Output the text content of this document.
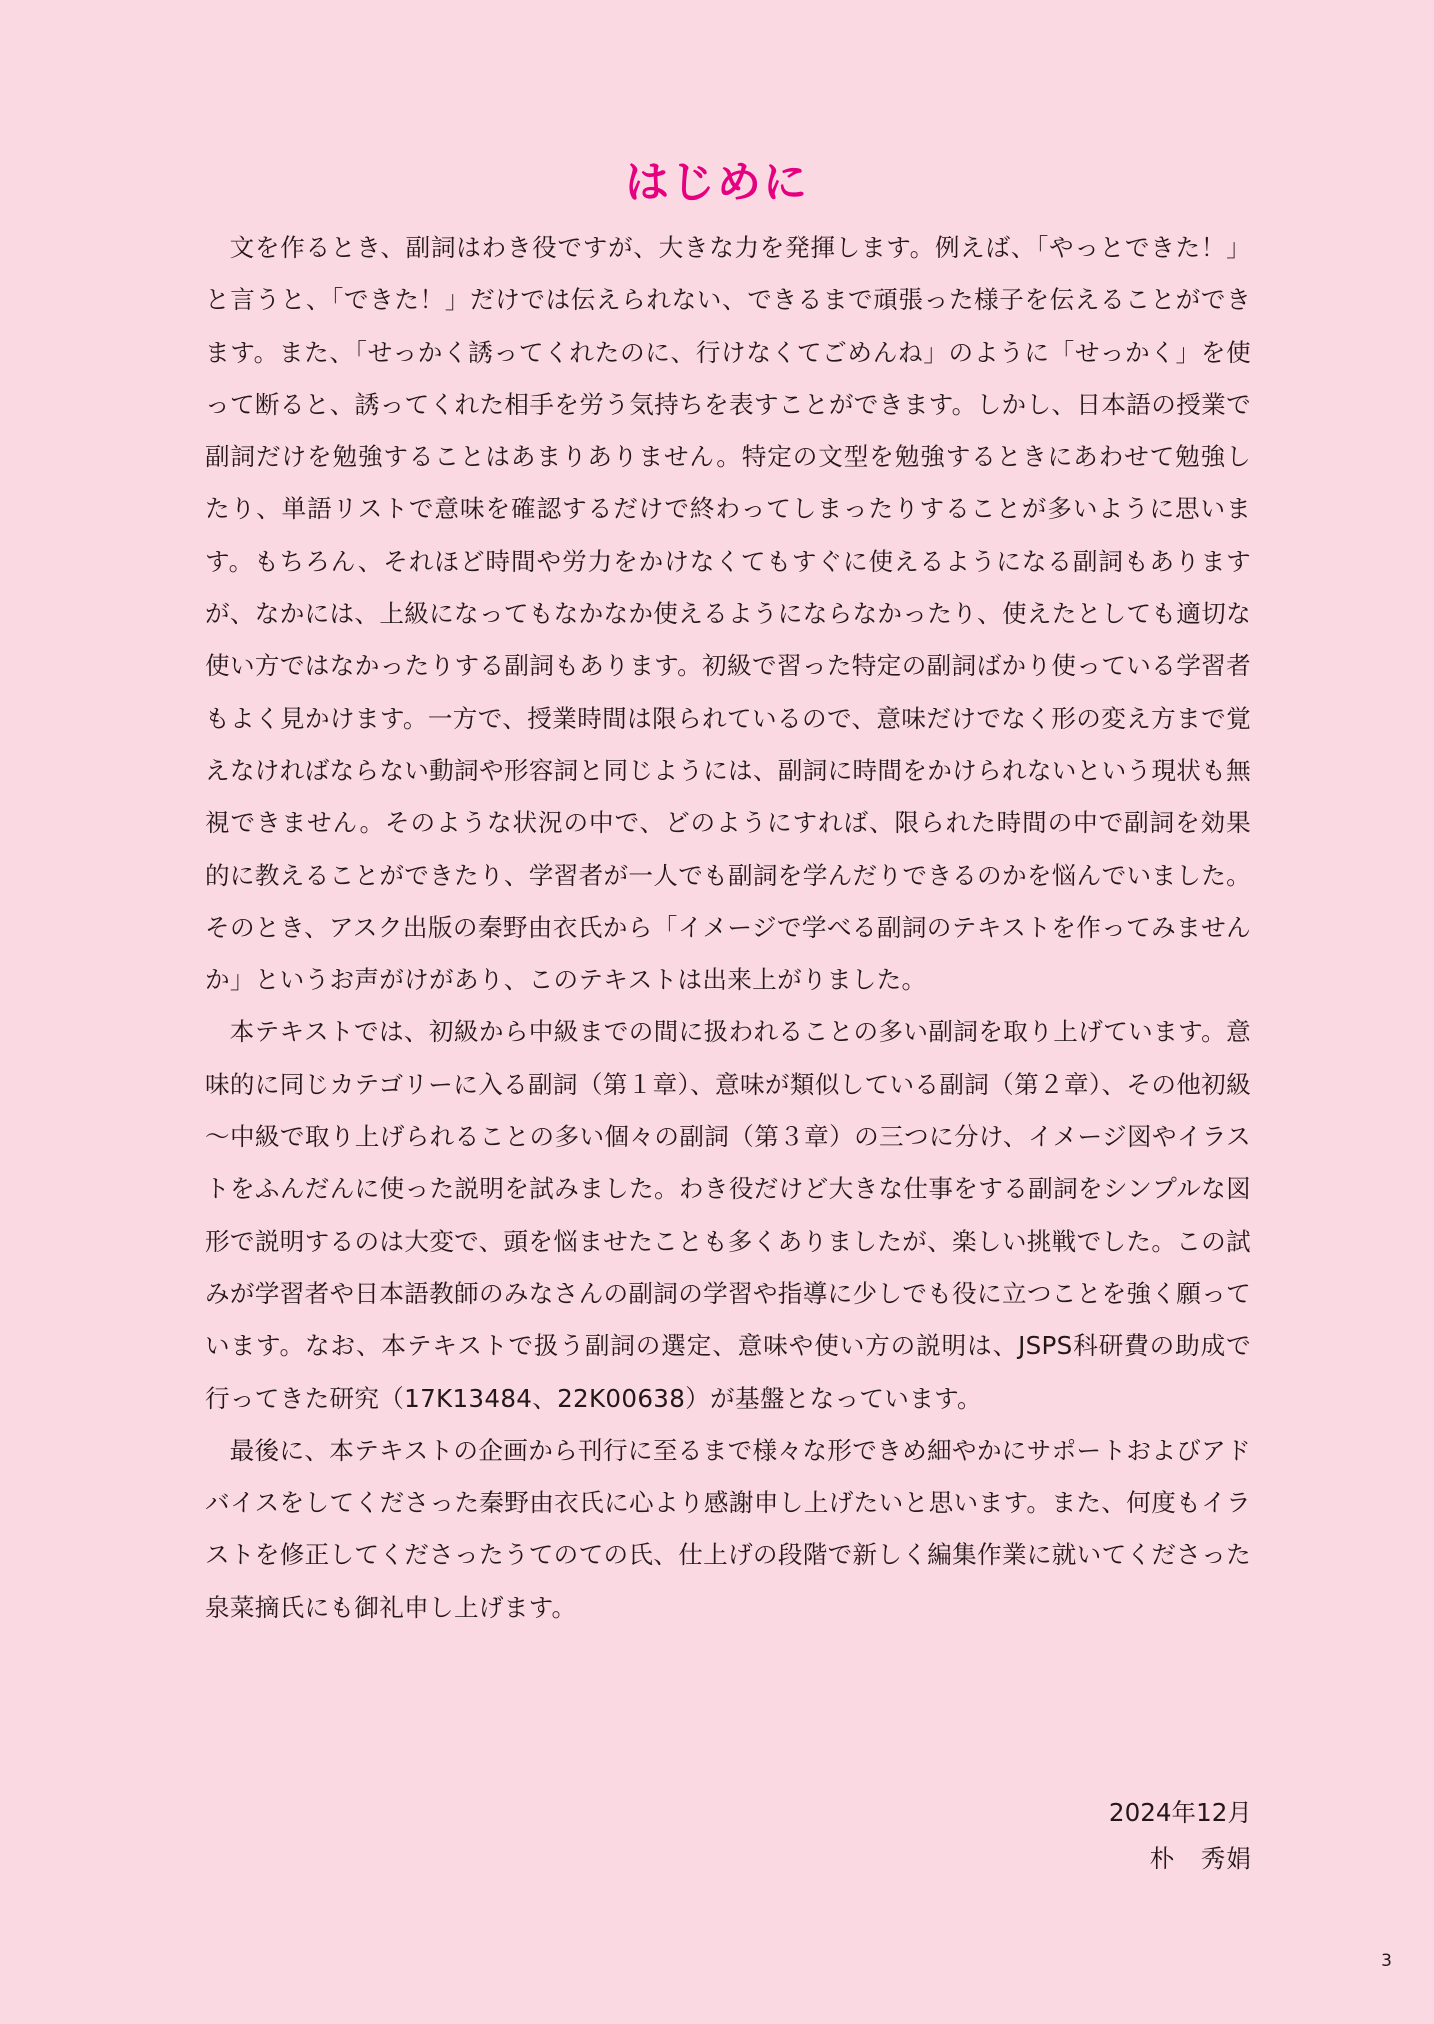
はじめに

文を作るとき、副詞はわき役ですが、大きな力を発揮します。例えば、「やっとできた！」と言うと、「できた！」だけでは伝えられない、できるまで頑張った様子を伝えることができます。また、「せっかく誘ってくれたのに、行けなくてごめんね」のように「せっかく」を使って断ると、誘ってくれた相手を労う気持ちを表すことができます。しかし、日本語の授業で副詞だけを勉強することはあまりありません。特定の文型を勉強するときにあわせて勉強したり、単語リストで意味を確認するだけで終わってしまったりすることが多いように思います。もちろん、それほど時間や労力をかけなくてもすぐに使えるようになる副詞もありますが、なかには、上級になってもなかなか使えるようにならなかったり、使えたとしても適切な使い方ではなかったりする副詞もあります。初級で習った特定の副詞ばかり使っている学習者もよく見かけます。一方で、授業時間は限られているので、意味だけでなく形の変え方まで覚えなければならない動詞や形容詞と同じようには、副詞に時間をかけられないという現状も無視できません。そのような状況の中で、どのようにすれば、限られた時間の中で副詞を効果的に教えることができたり、学習者が一人でも副詞を学んだりできるのかを悩んでいました。そのとき、アスク出版の秦野由衣氏から「イメージで学べる副詞のテキストを作ってみませんか」というお声がけがあり、このテキストは出来上がりました。

本テキストでは、初級から中級までの間に扱われることの多い副詞を取り上げています。意味的に同じカテゴリーに入る副詞（第１章）、意味が類似している副詞（第２章）、その他初級～中級で取り上げられることの多い個々の副詞（第３章）の三つに分け、イメージ図やイラストをふんだんに使った説明を試みました。わき役だけど大きな仕事をする副詞をシンプルな図形で説明するのは大変で、頭を悩ませたことも多くありましたが、楽しい挑戦でした。この試みが学習者や日本語教師のみなさんの副詞の学習や指導に少しでも役に立つことを強く願っています。なお、本テキストで扱う副詞の選定、意味や使い方の説明は、JSPS科研費の助成で行ってきた研究（17K13484、22K00638）が基盤となっています。

最後に、本テキストの企画から刊行に至るまで様々な形できめ細やかにサポートおよびアドバイスをしてくださった秦野由衣氏に心より感謝申し上げたいと思います。また、何度もイラストを修正してくださったうてのての氏、仕上げの段階で新しく編集作業に就いてくださった泉菜摘氏にも御礼申し上げます。

2024年12月
朴　秀娟
3
